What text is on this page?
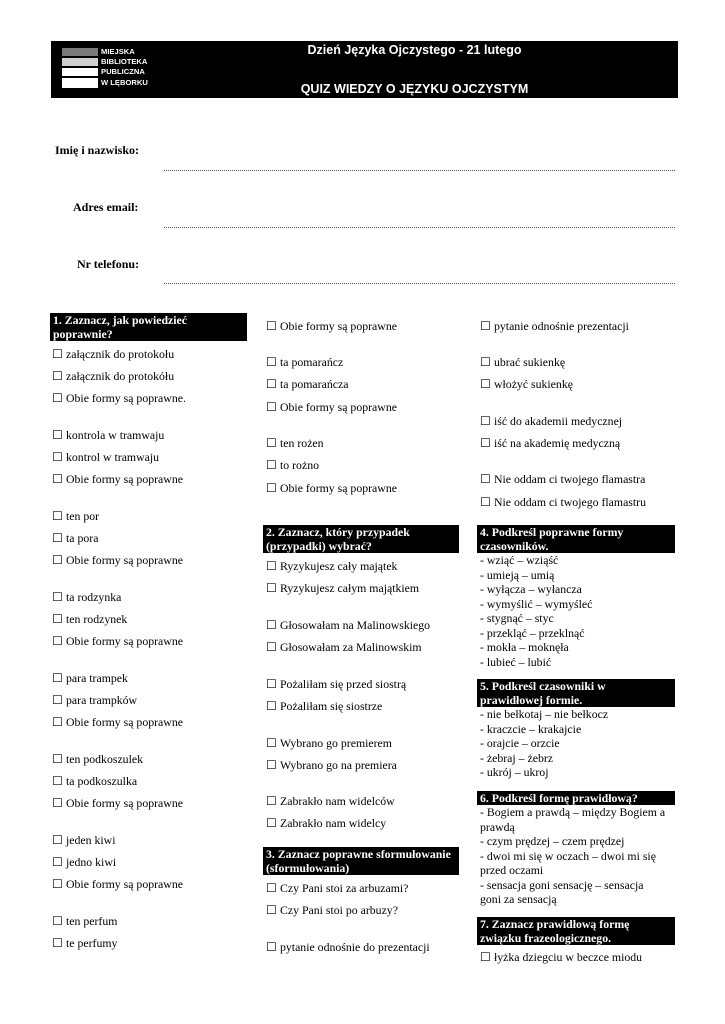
MIEJSKA
BIBLIOTEKA
PUBLICZNA
W LĘBORKU
Dzień Języka Ojczystego - 21 lutego
QUIZ WIEDZY O JĘZYKU OJCZYSTYM
Imię i nazwisko:
Adres email:
Nr telefonu:
1. Zaznacz, jak powiedzieć
poprawnie?
☐ załącznik do protokołu
☐ załącznik do protokółu
☐ Obie formy są poprawne.
☐ kontrola w tramwaju
☐ kontrol w tramwaju
☐ Obie formy są poprawne
☐ ten por
☐ ta pora
☐ Obie formy są poprawne
☐ ta rodzynka
☐ ten rodzynek
☐ Obie formy są poprawne
☐ para trampek
☐ para trampków
☐ Obie formy są poprawne
☐ ten podkoszulek
☐ ta podkoszulka
☐ Obie formy są poprawne
☐ jeden kiwi
☐ jedno kiwi
☐ Obie formy są poprawne
☐ ten perfum
☐ te perfumy
☐ Obie formy są poprawne
☐ ta pomarańcz
☐ ta pomarańcza
☐ Obie formy są poprawne
☐ ten rożen
☐ to rożno
☐ Obie formy są poprawne
2. Zaznacz, który przypadek
(przypadki) wybrać?
☐ Ryzykujesz cały majątek
☐ Ryzykujesz całym majątkiem
☐ Głosowałam na Malinowskiego
☐ Głosowałam za Malinowskim
☐ Pożaliłam się przed siostrą
☐ Pożaliłam się siostrze
☐ Wybrano go premierem
☐ Wybrano go na premiera
☐ Zabrakło nam widelców
☐ Zabrakło nam widelcy
3. Zaznacz poprawne sformułowanie
(sformułowania)
☐ Czy Pani stoi za arbuzami?
☐ Czy Pani stoi po arbuzy?
☐ pytanie odnośnie do prezentacji
☐ pytanie odnośnie prezentacji
☐ ubrać sukienkę
☐ włożyć sukienkę
☐ iść do akademii medycznej
☐ iść na akademię medyczną
☐ Nie oddam ci twojego flamastra
☐ Nie oddam ci twojego flamastru
4. Podkreśl poprawne formy
czasowników.
- wziąć – wziąść
- umieją – umią
- wyłącza – wyłancza
- wymyślić – wymyśleć
- stygnąć – styc
- przekląć – przeklnąć
- mokła – moknęła
- lubieć – lubić
5. Podkreśl czasowniki w
prawidłowej formie.
- nie bełkotaj – nie bełkocz
- kraczcie – krakajcie
- orajcie – orzcie
- żebraj – żebrz
- ukrój – ukroj
6. Podkreśl formę prawidłową?
- Bogiem a prawdą – między Bogiem a
prawdą
- czym prędzej – czem prędzej
- dwoi mi się w oczach – dwoi mi się
przed oczami
- sensacja goni sensację – sensacja
goni za sensacją
7. Zaznacz prawidłową formę
związku frazeologicznego.
☐ łyżka dziegciu w beczce miodu
